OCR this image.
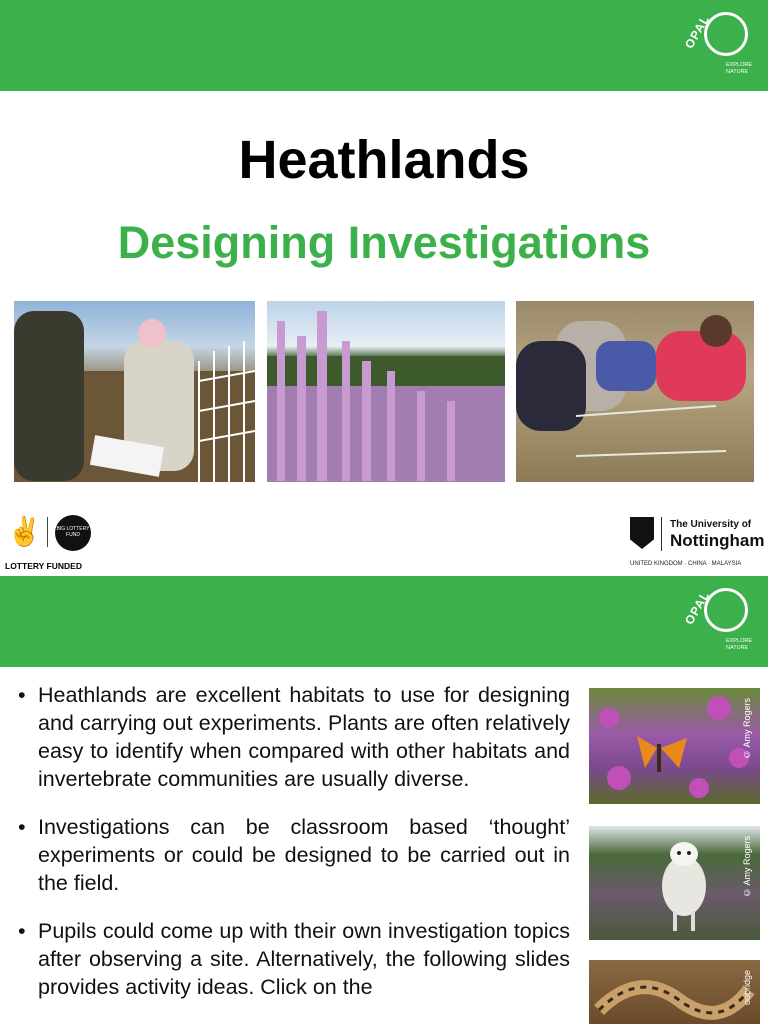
OPAL
EXPLORE
NATURE
Heathlands
Designing Investigations
✌	BIG LOTTERY FUND
LOTTERY FUNDED
The University of
Nottingham
UNITED KINGDOM · CHINA · MALAYSIA
OPAL
EXPLORE
NATURE
• Heathlands are excellent habitats to use for designing and carrying out experiments. Plants are often relatively easy to identify when compared with other habitats and invertebrate communities are usually diverse.
• Investigations can be classroom based ‘thought’ experiments or could be designed to be carried out in the field.
• Pupils could come up with their own investigation topics after observing a site. Alternatively, the following slides provides activity ideas. Click on the
© Amy Rogers
© Amy Rogers
oobridge
